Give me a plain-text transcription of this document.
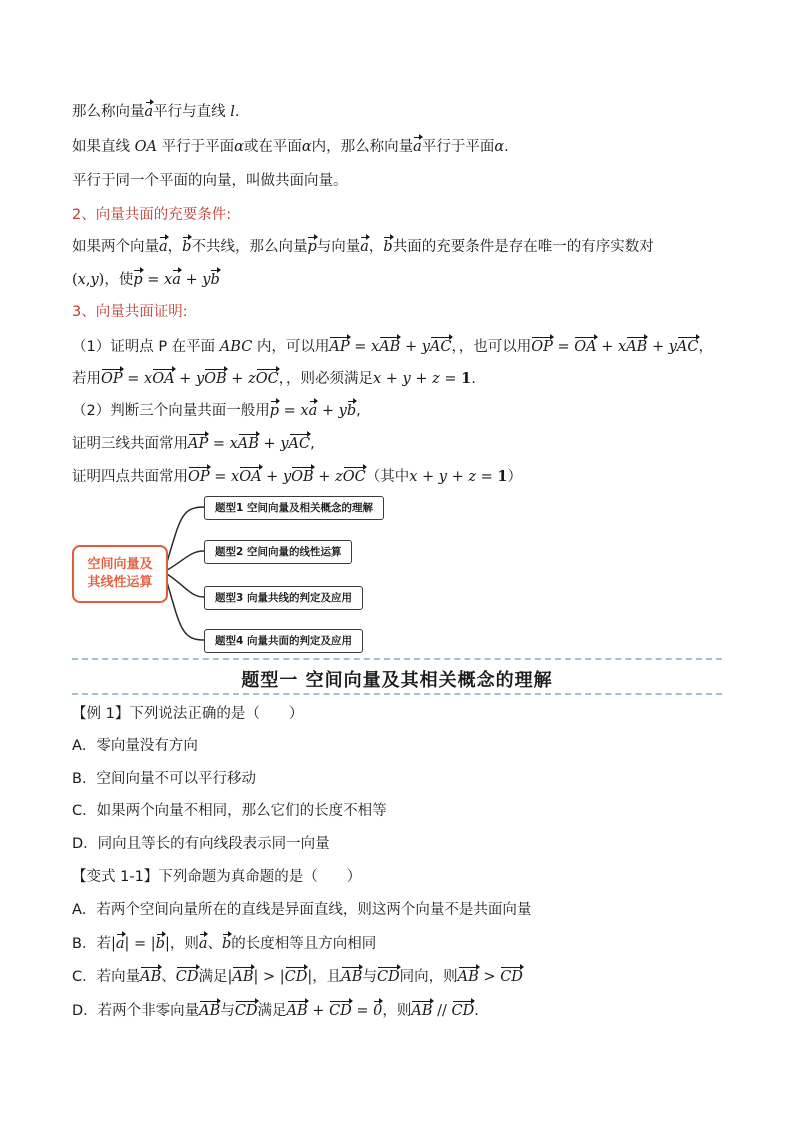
那么称向量a平行与直线 l.
如果直线 OA 平行于平面α或在平面α内，那么称向量a平行于平面α.
平行于同一个平面的向量，叫做共面向量。
2、向量共面的充要条件:
如果两个向量a，b不共线，那么向量p与向量a，b共面的充要条件是存在唯一的有序实数对
(x,y)，使p = xa + yb
3、向量共面证明:
（1）证明点 P 在平面 ABC 内，可以用AP = xAB + yAC，，也可以用OP = OA + xAB + yAC，
若用OP = xOA + yOB + zOC，，则必须满足x + y + z = 1.
（2）判断三个向量共面一般用p = xa + yb,
证明三线共面常用AP = xAB + yAC,
证明四点共面常用OP = xOA + yOB + zOC（其中x + y + z = 1）
空间向量及
其线性运算
题型1 空间向量及相关概念的理解
题型2 空间向量的线性运算
题型3 向量共线的判定及应用
题型4 向量共面的判定及应用
题型一 空间向量及其相关概念的理解
【例 1】下列说法正确的是（　　）
A．零向量没有方向
B．空间向量不可以平行移动
C．如果两个向量不相同，那么它们的长度不相等
D．同向且等长的有向线段表示同一向量
【变式 1-1】下列命题为真命题的是（　　）
A．若两个空间向量所在的直线是异面直线，则这两个向量不是共面向量
B．若|a| = |b|，则a、b的长度相等且方向相同
C．若向量AB、CD满足|AB| > |CD|，且AB与CD同向，则AB > CD
D．若两个非零向量AB与CD满足AB + CD = 0，则AB // CD.
